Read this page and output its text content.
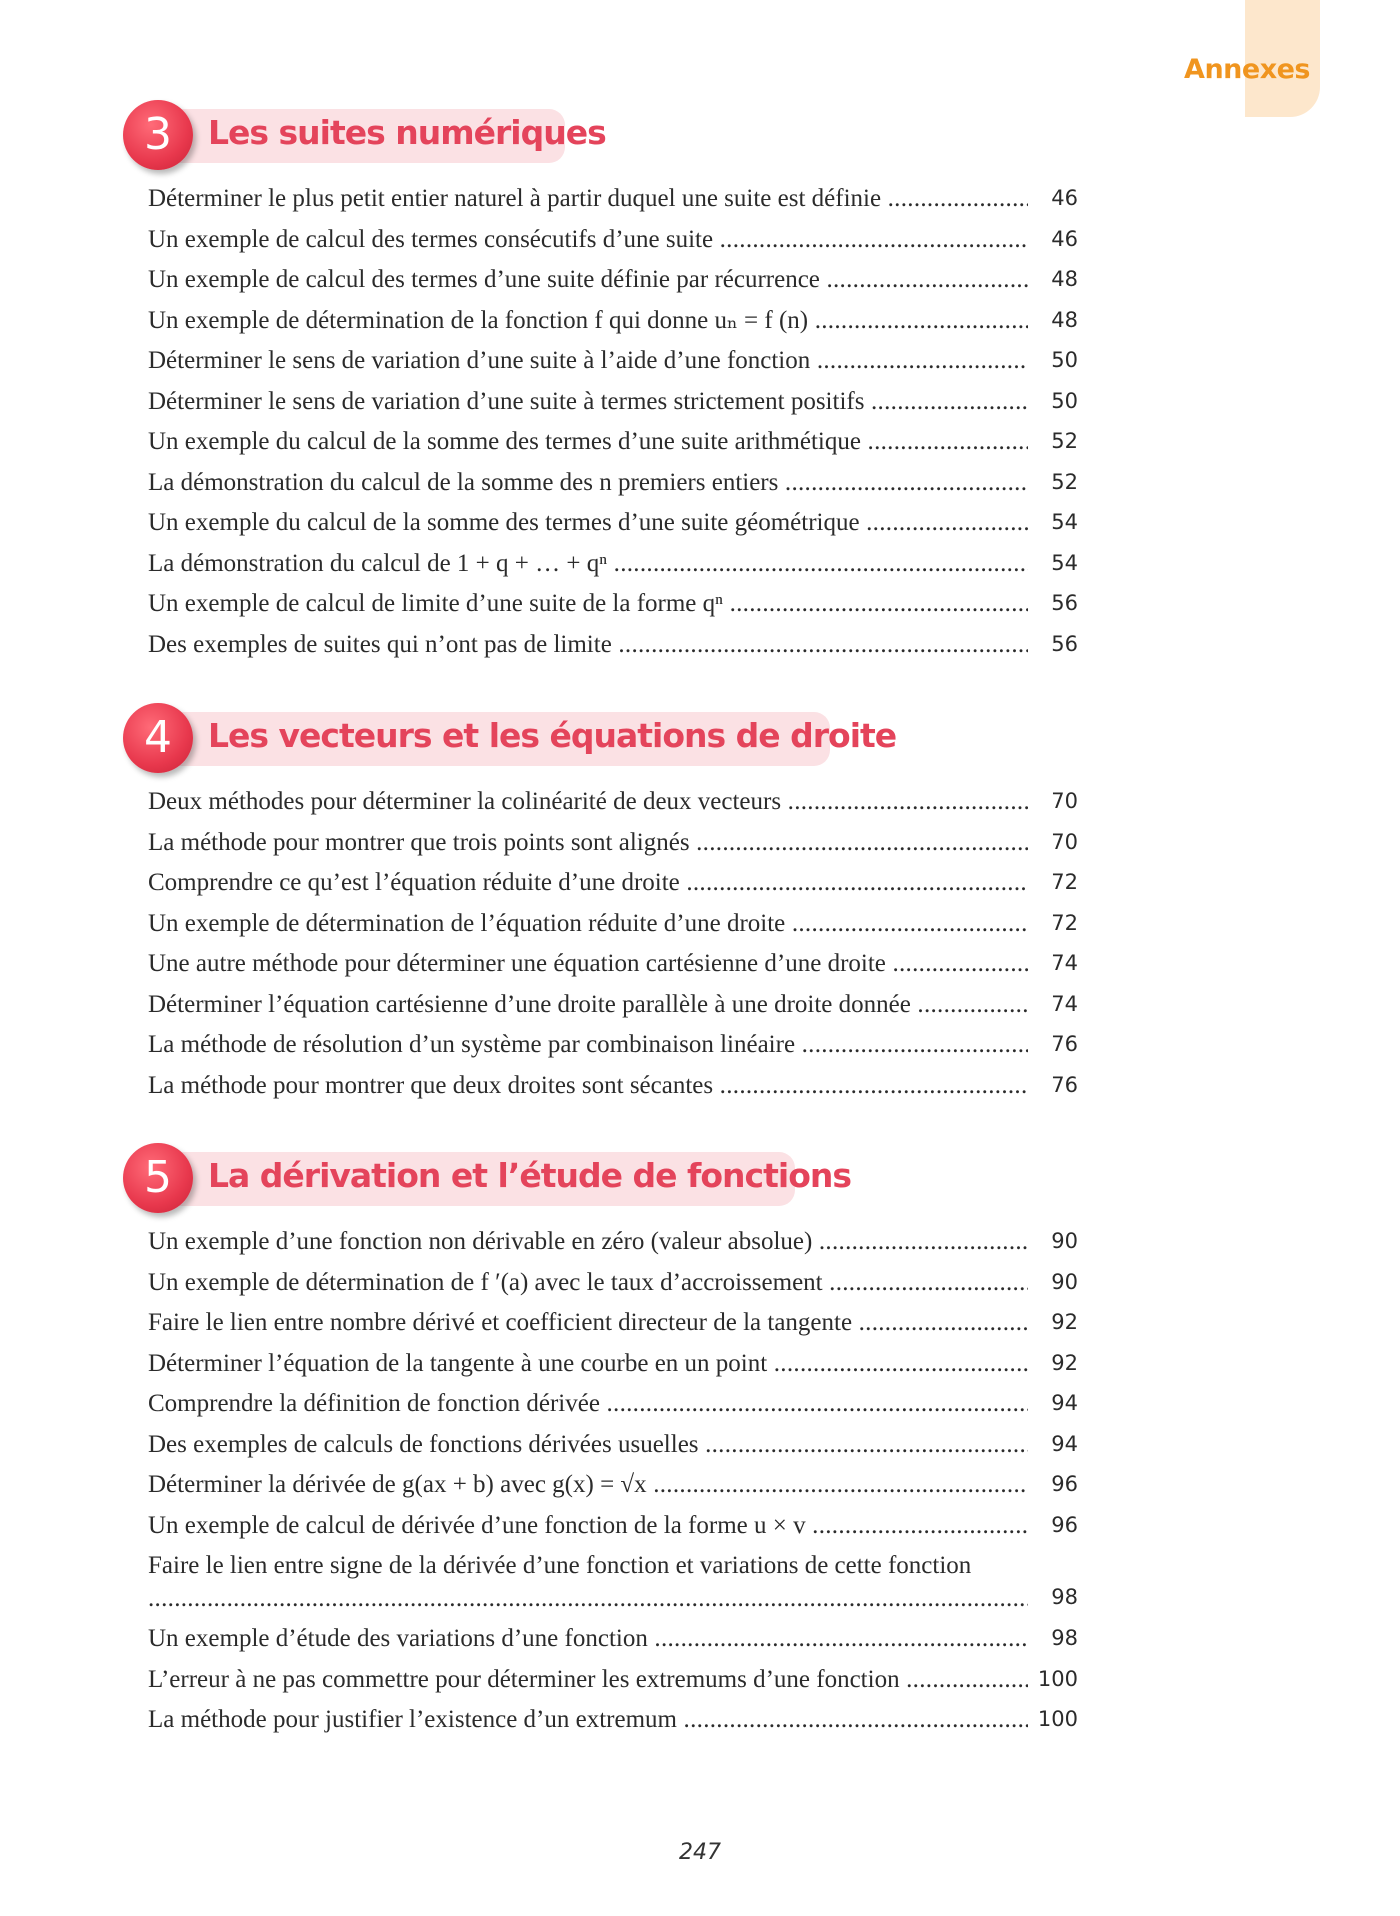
Annexes
Les suites numériques
3
Déterminer le plus petit entier naturel à partir duquel une suite est définie .....	46
Un exemple de calcul des termes consécutifs d’une suite .....	46
Un exemple de calcul des termes d’une suite définie par récurrence .....	48
Un exemple de détermination de la fonction f qui donne uₙ = f (n) .....	48
Déterminer le sens de variation d’une suite à l’aide d’une fonction .....	50
Déterminer le sens de variation d’une suite à termes strictement positifs .....	50
Un exemple du calcul de la somme des termes d’une suite arithmétique .....	52
La démonstration du calcul de la somme des n premiers entiers .....	52
Un exemple du calcul de la somme des termes d’une suite géométrique .....	54
La démonstration du calcul de 1 + q + … + qⁿ .....	54
Un exemple de calcul de limite d’une suite de la forme qⁿ .....	56
Des exemples de suites qui n’ont pas de limite .....	56
Les vecteurs et les équations de droite
4
Deux méthodes pour déterminer la colinéarité de deux vecteurs .....	70
La méthode pour montrer que trois points sont alignés .....	70
Comprendre ce qu’est l’équation réduite d’une droite .....	72
Un exemple de détermination de l’équation réduite d’une droite .....	72
Une autre méthode pour déterminer une équation cartésienne d’une droite .....	74
Déterminer l’équation cartésienne d’une droite parallèle à une droite donnée .....	74
La méthode de résolution d’un système par combinaison linéaire .....	76
La méthode pour montrer que deux droites sont sécantes .....	76
La dérivation et l’étude de fonctions
5
Un exemple d’une fonction non dérivable en zéro (valeur absolue) .....	90
Un exemple de détermination de f ′(a) avec le taux d’accroissement .....	90
Faire le lien entre nombre dérivé et coefficient directeur de la tangente .....	92
Déterminer l’équation de la tangente à une courbe en un point .....	92
Comprendre la définition de fonction dérivée .....	94
Des exemples de calculs de fonctions dérivées usuelles .....	94
Déterminer la dérivée de g(ax + b) avec g(x) = √x .....	96
Un exemple de calcul de dérivée d’une fonction de la forme u × v .....	96
Faire le lien entre signe de la dérivée d’une fonction et variations de cette fonction .....
98
Un exemple d’étude des variations d’une fonction .....	98
L’erreur à ne pas commettre pour déterminer les extremums d’une fonction .....	100
La méthode pour justifier l’existence d’un extremum .....	100
247
